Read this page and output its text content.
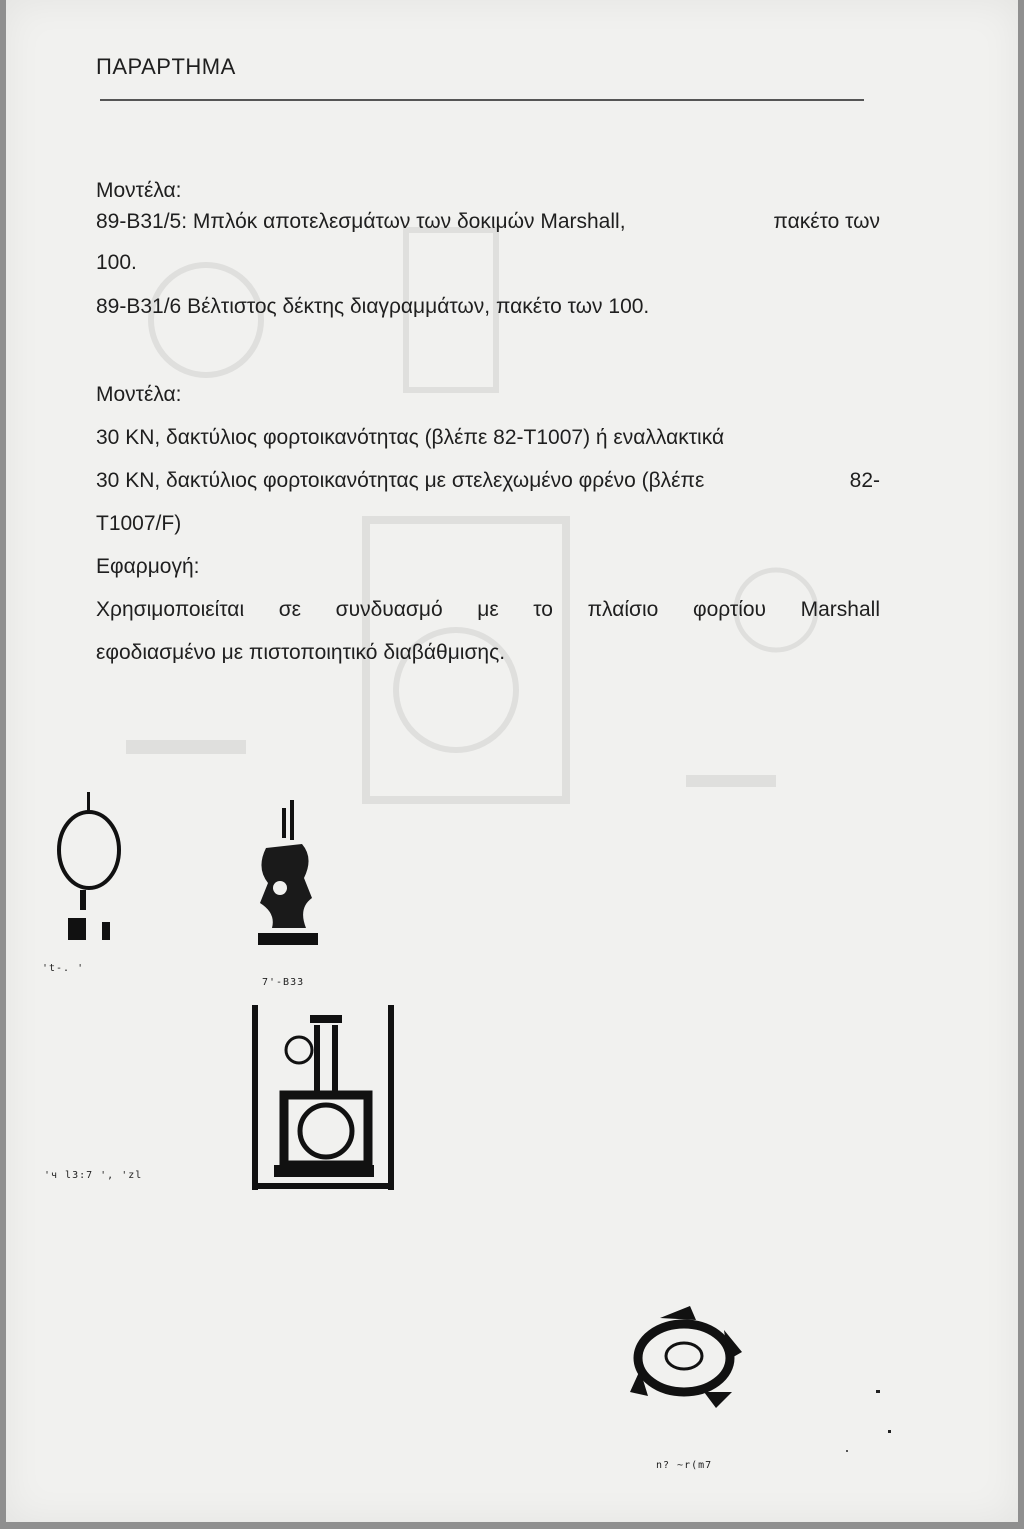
ΠΑΡΑΡΤΗΜΑ
Μοντέλα:
89-B31/5: Μπλόκ αποτελεσμάτων των δοκιμών Marshall,	πακέτο των
100.
89-B31/6 Βέλτιστος δέκτης διαγραμμάτων, πακέτο των 100.
Μοντέλα:
30 KN, δακτύλιος φορτοικανότητας (βλέπε 82-T1007) ή εναλλακτικά
30 KN, δακτύλιος φορτοικανότητας με στελεχωμένο φρένο (βλέπε	82-
T1007/F)
Εφαρμογή:
Χρησιμοποιείται σε συνδυασμό με το πλαίσιο φορτίου Marshall
εφοδιασμένο με πιστοποιητικό διαβάθμισης.
't-. '
7'-B33
'ч l3:7 ', 'zl
n? ~r(m7
